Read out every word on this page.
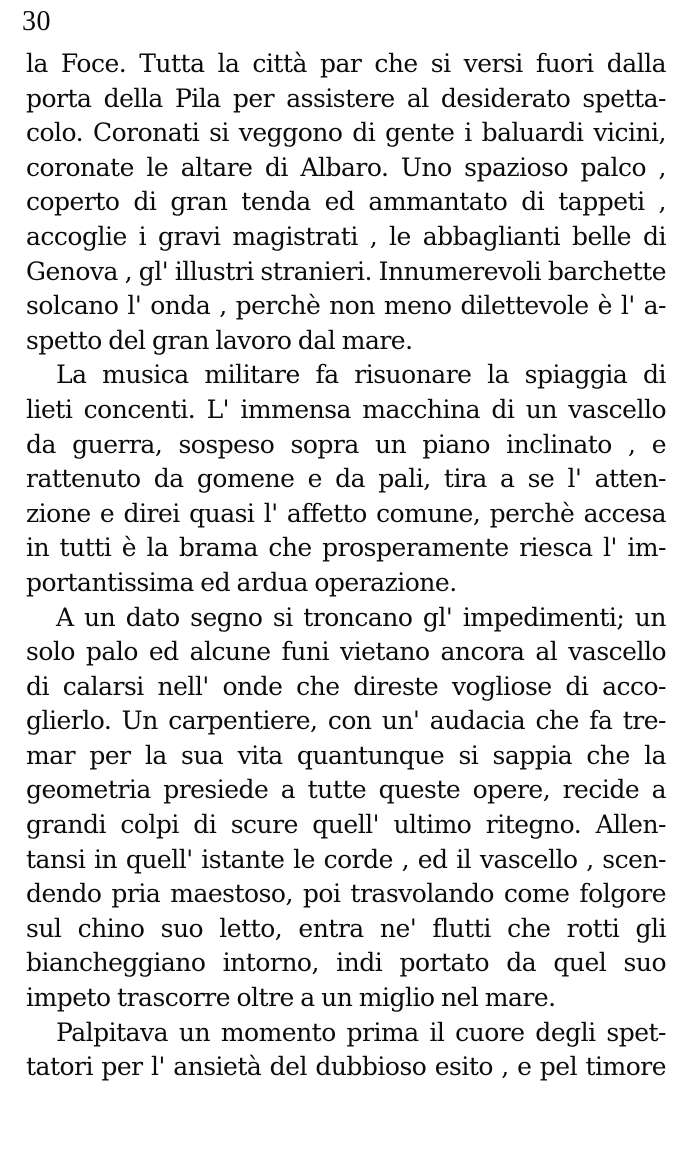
30
la Foce. Tutta la città par che si versi fuori dalla
porta della Pila per assistere al desiderato spetta-
colo. Coronati si veggono di gente i baluardi vicini,
coronate le altare di Albaro. Uno spazioso palco ,
coperto di gran tenda ed ammantato di tappeti ,
accoglie i gravi magistrati , le abbaglianti belle di
Genova , gl' illustri stranieri. Innumerevoli barchette
solcano l' onda , perchè non meno dilettevole è l' a-
spetto del gran lavoro dal mare.
La musica militare fa risuonare la spiaggia di
lieti concenti. L' immensa macchina di un vascello
da guerra, sospeso sopra un piano inclinato , e
rattenuto da gomene e da pali, tira a se l' atten-
zione e direi quasi l' affetto comune, perchè accesa
in tutti è la brama che prosperamente riesca l' im-
portantissima ed ardua operazione.
A un dato segno si troncano gl' impedimenti; un
solo palo ed alcune funi vietano ancora al vascello
di calarsi nell' onde che direste vogliose di acco-
glierlo. Un carpentiere, con un' audacia che fa tre-
mar per la sua vita quantunque si sappia che la
geometria presiede a tutte queste opere, recide a
grandi colpi di scure quell' ultimo ritegno. Allen-
tansi in quell' istante le corde , ed il vascello , scen-
dendo pria maestoso, poi trasvolando come folgore
sul chino suo letto, entra ne' flutti che rotti gli
biancheggiano intorno, indi portato da quel suo
impeto trascorre oltre a un miglio nel mare.
Palpitava un momento prima il cuore degli spet-
tatori per l' ansietà del dubbioso esito , e pel timore
